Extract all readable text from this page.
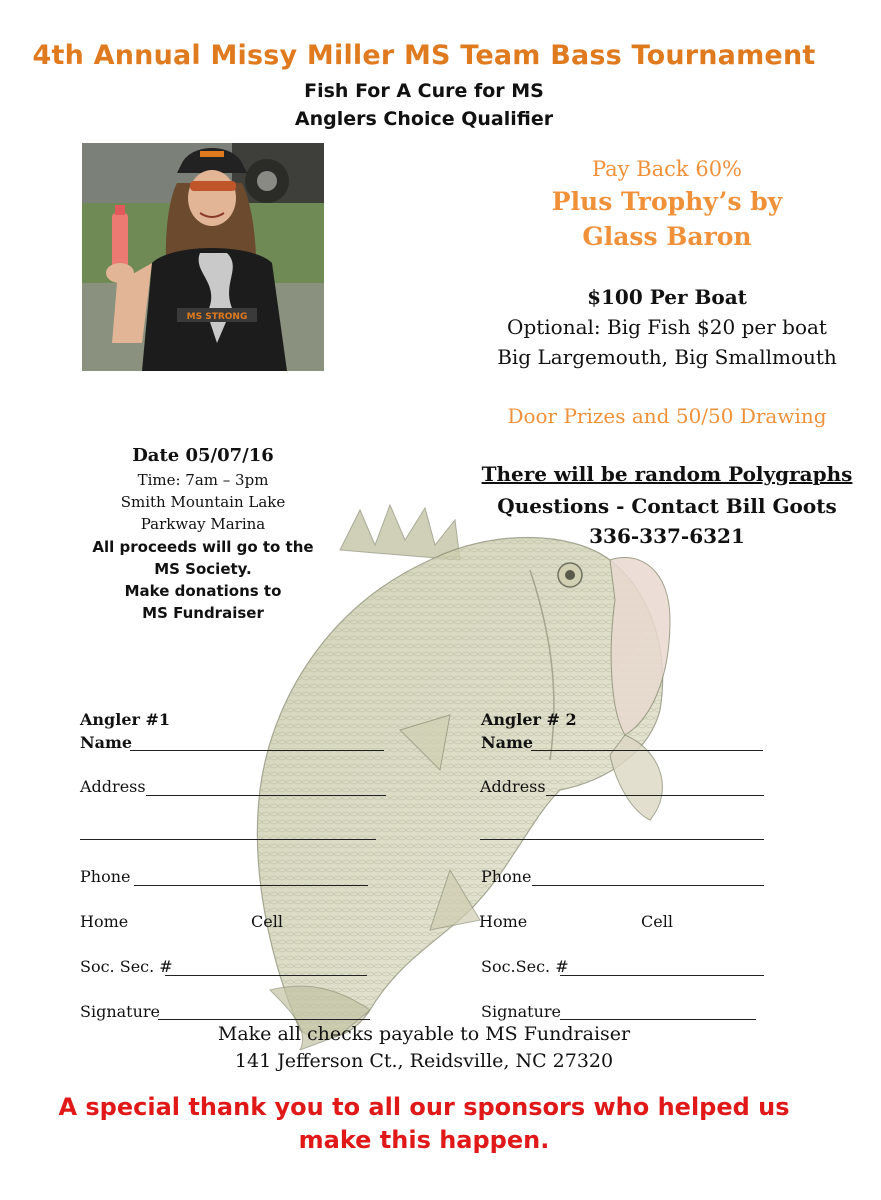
4th Annual Missy Miller MS Team Bass Tournament
Fish For A Cure for MS
Anglers Choice Qualifier
MS STRONG
Pay Back 60%
Plus Trophy’s by
Glass Baron
$100 Per Boat
Optional: Big Fish $20 per boat
Big Largemouth, Big Smallmouth
Door Prizes and 50/50 Drawing
There will be random Polygraphs
Questions - Contact Bill Goots
336-337-6321
Date 05/07/16
Time: 7am – 3pm
Smith Mountain Lake
Parkway Marina
All proceeds will go to the
MS Society.
Make donations to
MS Fundraiser
Angler #1
Name
Address
Phone
Home	Cell
Soc. Sec. #
Signature
Angler # 2
Name
Address
Phone
Home	Cell
Soc.Sec. #
Signature
Make all checks payable to MS Fundraiser
141 Jefferson Ct., Reidsville, NC 27320
A special thank you to all our sponsors who helped us
make this happen.
